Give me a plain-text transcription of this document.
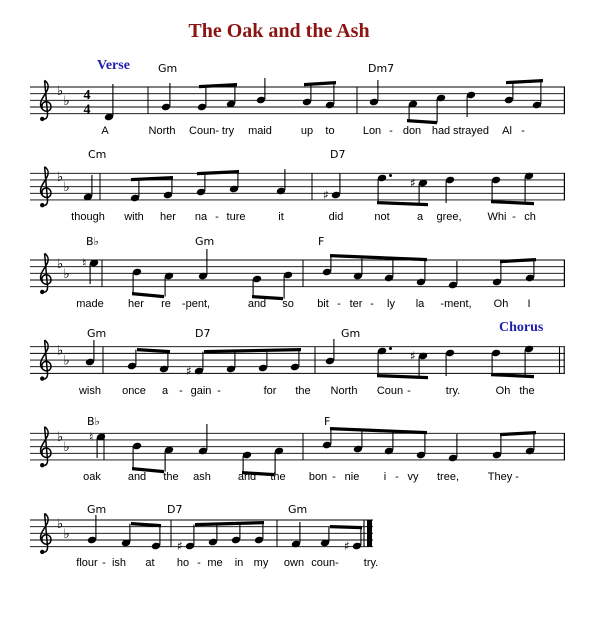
♭
♭ 4
4
♭
♭	♯
♯
♭
♭
♮
♭
♭
♯
♯
♭
♭
♮
♭
♭
♯	♯
The Oak and the Ash
Verse
Chorus
Gm	Dm7
A	North Coun- try maid	up to	Lon - don had strayed Al -
Cm	D7
though with her na - ture	it	did	not a gree, Whi - ch
B♭	Gm	F
made her re -pent,	and so bit - ter - ly la -ment, Oh I
Gm	D7	Gm
wish once a - gain -	for the North Coun -	try.	Oh the
B♭	F
oak and the ash and the bon - nie i - vy tree,	They -
Gm	D7	Gm
flour - ish at ho - me in my own coun- try.
